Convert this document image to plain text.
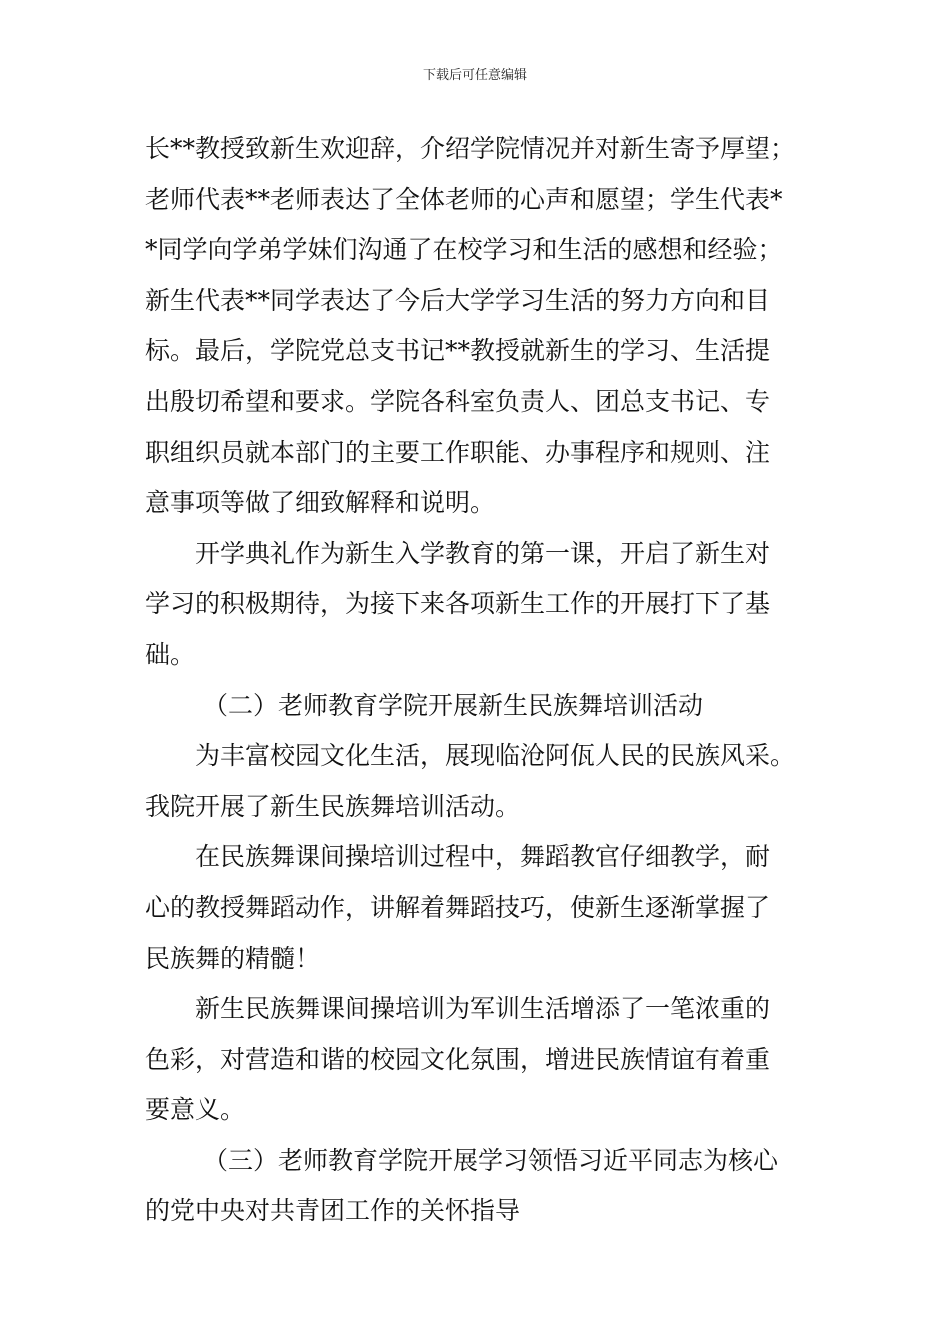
下载后可任意编辑
长**教授致新生欢迎辞，介绍学院情况并对新生寄予厚望；
老师代表**老师表达了全体老师的心声和愿望；学生代表*
*同学向学弟学妹们沟通了在校学习和生活的感想和经验；
新生代表**同学表达了今后大学学习生活的努力方向和目
标。最后，学院党总支书记**教授就新生的学习、生活提
出殷切希望和要求。学院各科室负责人、团总支书记、专
职组织员就本部门的主要工作职能、办事程序和规则、注
意事项等做了细致解释和说明。
开学典礼作为新生入学教育的第一课，开启了新生对
学习的积极期待，为接下来各项新生工作的开展打下了基
础。
（二）老师教育学院开展新生民族舞培训活动
为丰富校园文化生活，展现临沧阿佤人民的民族风采。
我院开展了新生民族舞培训活动。
在民族舞课间操培训过程中，舞蹈教官仔细教学，耐
心的教授舞蹈动作，讲解着舞蹈技巧，使新生逐渐掌握了
民族舞的精髓！
新生民族舞课间操培训为军训生活增添了一笔浓重的
色彩，对营造和谐的校园文化氛围，增进民族情谊有着重
要意义。
（三）老师教育学院开展学习领悟习近平同志为核心
的党中央对共青团工作的关怀指导
